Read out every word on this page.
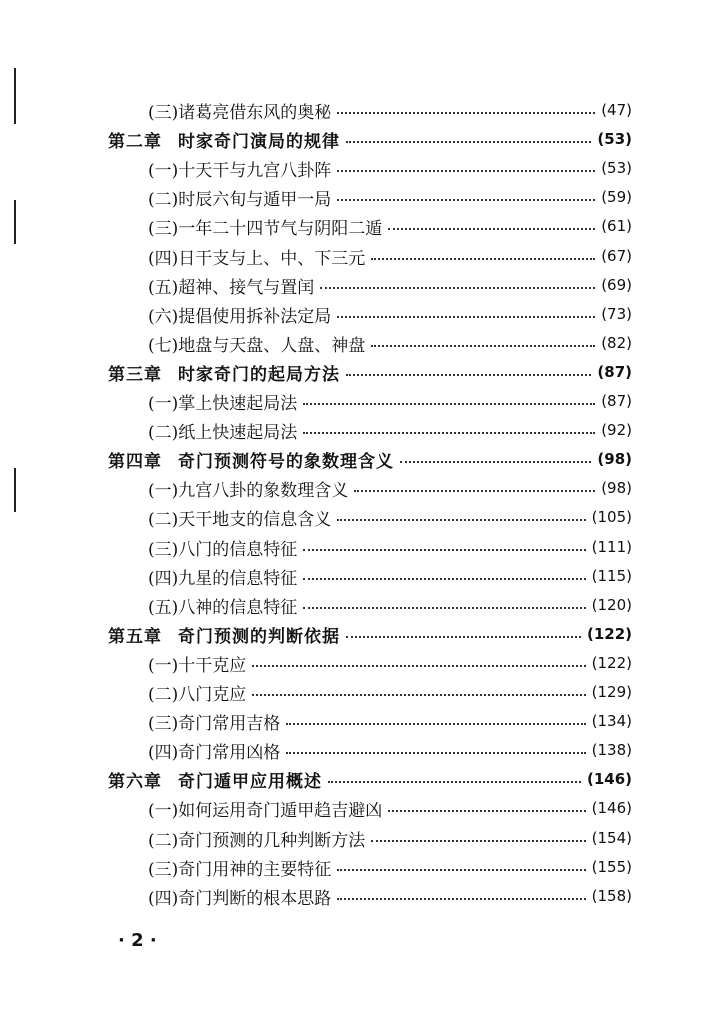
(三)诸葛亮借东风的奥秘	(47)
第二章 时家奇门演局的规律	(53)
(一)十天干与九宫八卦阵	(53)
(二)时辰六旬与遁甲一局	(59)
(三)一年二十四节气与阴阳二遁	(61)
(四)日干支与上、中、下三元	(67)
(五)超神、接气与置闰	(69)
(六)提倡使用拆补法定局	(73)
(七)地盘与天盘、人盘、神盘	(82)
第三章 时家奇门的起局方法	(87)
(一)掌上快速起局法	(87)
(二)纸上快速起局法	(92)
第四章 奇门预测符号的象数理含义	(98)
(一)九宫八卦的象数理含义	(98)
(二)天干地支的信息含义	(105)
(三)八门的信息特征	(111)
(四)九星的信息特征	(115)
(五)八神的信息特征	(120)
第五章 奇门预测的判断依据	(122)
(一)十干克应	(122)
(二)八门克应	(129)
(三)奇门常用吉格	(134)
(四)奇门常用凶格	(138)
第六章 奇门遁甲应用概述	(146)
(一)如何运用奇门遁甲趋吉避凶	(146)
(二)奇门预测的几种判断方法	(154)
(三)奇门用神的主要特征	(155)
(四)奇门判断的根本思路	(158)
· 2 ·
